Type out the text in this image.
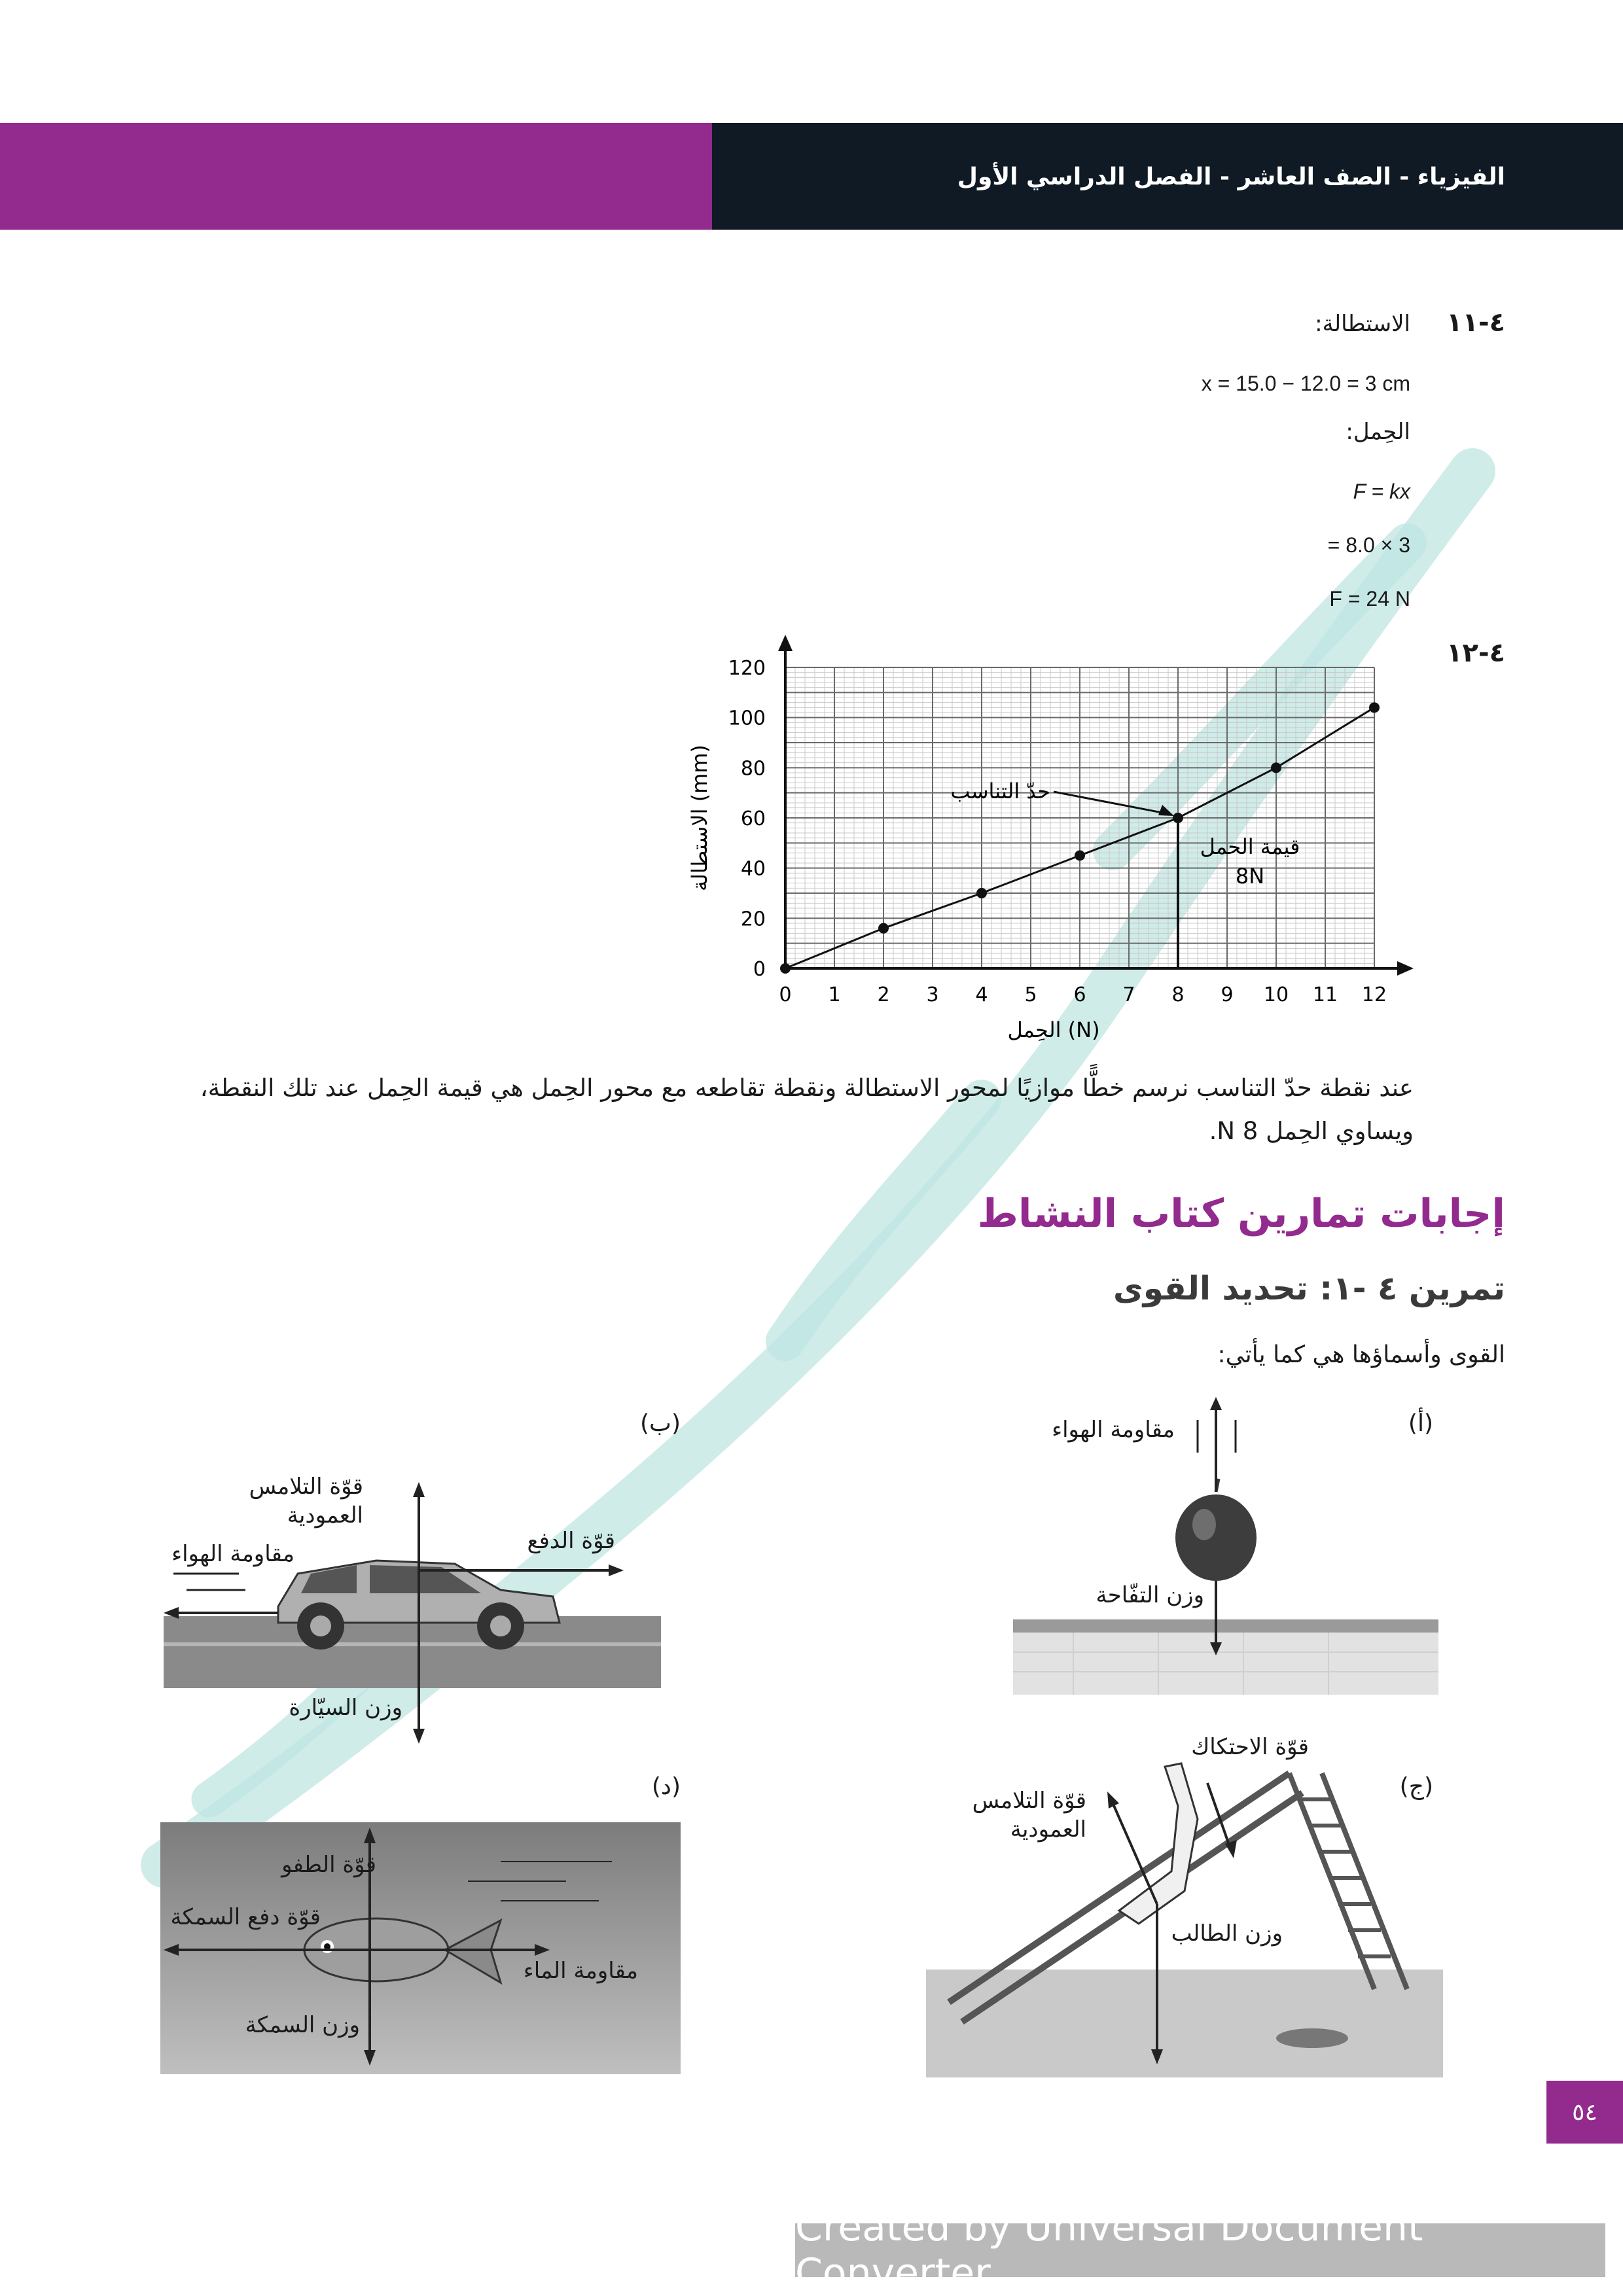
الفيزياء - الصف العاشر - الفصل الدراسي الأول
٤-١١
الاستطالة:
x = 15.0 − 12.0 = 3 cm
الحِمل:
F = kx
= 8.0 × 3
F = 24 N
٤-١٢
0 1 2 3 4 5 6 7 8 9 10 11 12
0
20
40
60
80
100
120
الحِمل (N)
الاستطالة (mm)	حدّ التناسب
قيمة الحمل
8N
عند نقطة حدّ التناسب نرسم خطًّا موازيًا لمحور الاستطالة ونقطة تقاطعه مع محور الحِمل هي قيمة الحِمل عند تلك النقطة،
ويساوي الحِمل 8 N.
إجابات تمارين كتاب النشاط
تمرين ٤ -١: تحديد القوى
القوى وأسماؤها هي كما يأتي:
(أ)
مقاومة الهواء
وزن التفّاحة
(ب)
قوّة التلامس
العمودية
قوّة الدفع
مقاومة الهواء
وزن السيّارة
(ج)
قوّة الاحتكاك
قوّة التلامس
العمودية
وزن الطالب
(د)
قوّة الطفو
قوّة دفع السمكة
مقاومة الماء
وزن السمكة
٥٤
Created by Universal Document Converter
